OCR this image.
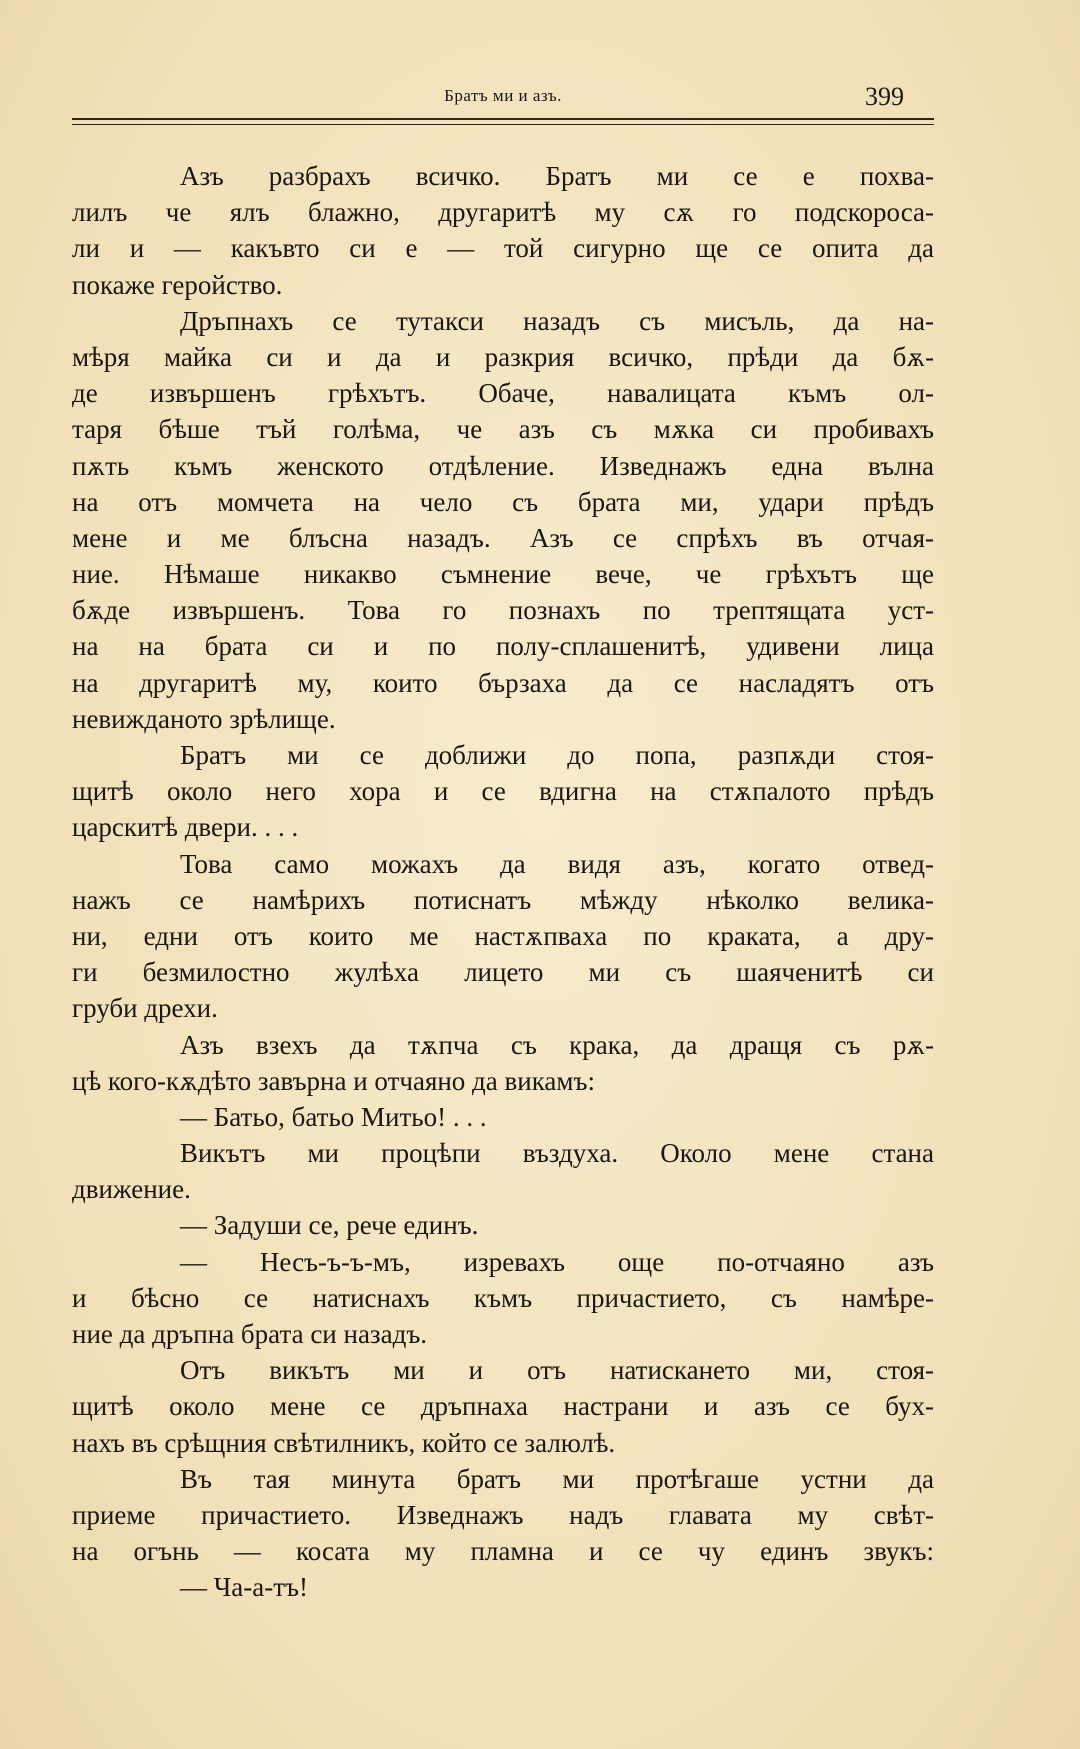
Братъ ми и азъ.	399
Азъ разбрахъ всичко. Братъ ми се е похва-
лилъ че ялъ блажно, другаритѣ му сѫ го подскороса-
ли и — какъвто си е — той сигурно ще се опита да
покаже геройство.
Дръпнахъ се тутакси назадъ съ мисъль, да на-
мѣря майка си и да и разкрия всичко, прѣди да бѫ-
де извършенъ грѣхътъ. Обаче, навалицата къмъ ол-
таря бѣше тъй голѣма, че азъ съ мѫка си пробивахъ
пѫть къмъ женското отдѣление. Изведнажъ една вълна
на отъ момчета на чело съ брата ми, удари прѣдъ
мене и ме блъсна назадъ. Азъ се спрѣхъ въ отчая-
ние. Нѣмаше никакво съмнение вече, че грѣхътъ ще
бѫде извършенъ. Това го познахъ по трептящата уст-
на на брата си и по полу-сплашенитѣ, удивени лица
на другаритѣ му, които бързаха да се насладятъ отъ
невижданото зрѣлище.
Братъ ми се доближи до попа, разпѫди стоя-
щитѣ около него хора и се вдигна на стѫпалото прѣдъ
царскитѣ двери. . . .
Това само можахъ да видя азъ, когато отвед-
нажъ се намѣрихъ потиснатъ мѣжду нѣколко велика-
ни, едни отъ които ме настѫпваха по краката, а дру-
ги безмилостно жулѣха лицето ми съ шаяченитѣ си
груби дрехи.
Азъ взехъ да тѫпча съ крака, да дращя съ рѫ-
цѣ кого-кѫдѣто завърна и отчаяно да викамъ:
— Батьо, батьо Митьо! . . .
Викътъ ми процѣпи въздуха. Около мене стана
движение.
— Задуши се, рече единъ.
— Несъ-ъ-ъ-мъ, изревахъ още по-отчаяно азъ
и бѣсно се натиснахъ къмъ причастието, съ намѣре-
ние да дръпна брата си назадъ.
Отъ викътъ ми и отъ натискането ми, стоя-
щитѣ около мене се дръпнаха настрани и азъ се бух-
нахъ въ срѣщния свѣтилникъ, който се залюлѣ.
Въ тая минута братъ ми протѣгаше устни да
приеме причастието. Изведнажъ надъ главата му свѣт-
на огънь — косата му пламна и се чу единъ звукъ:
— Ча-а-тъ!
